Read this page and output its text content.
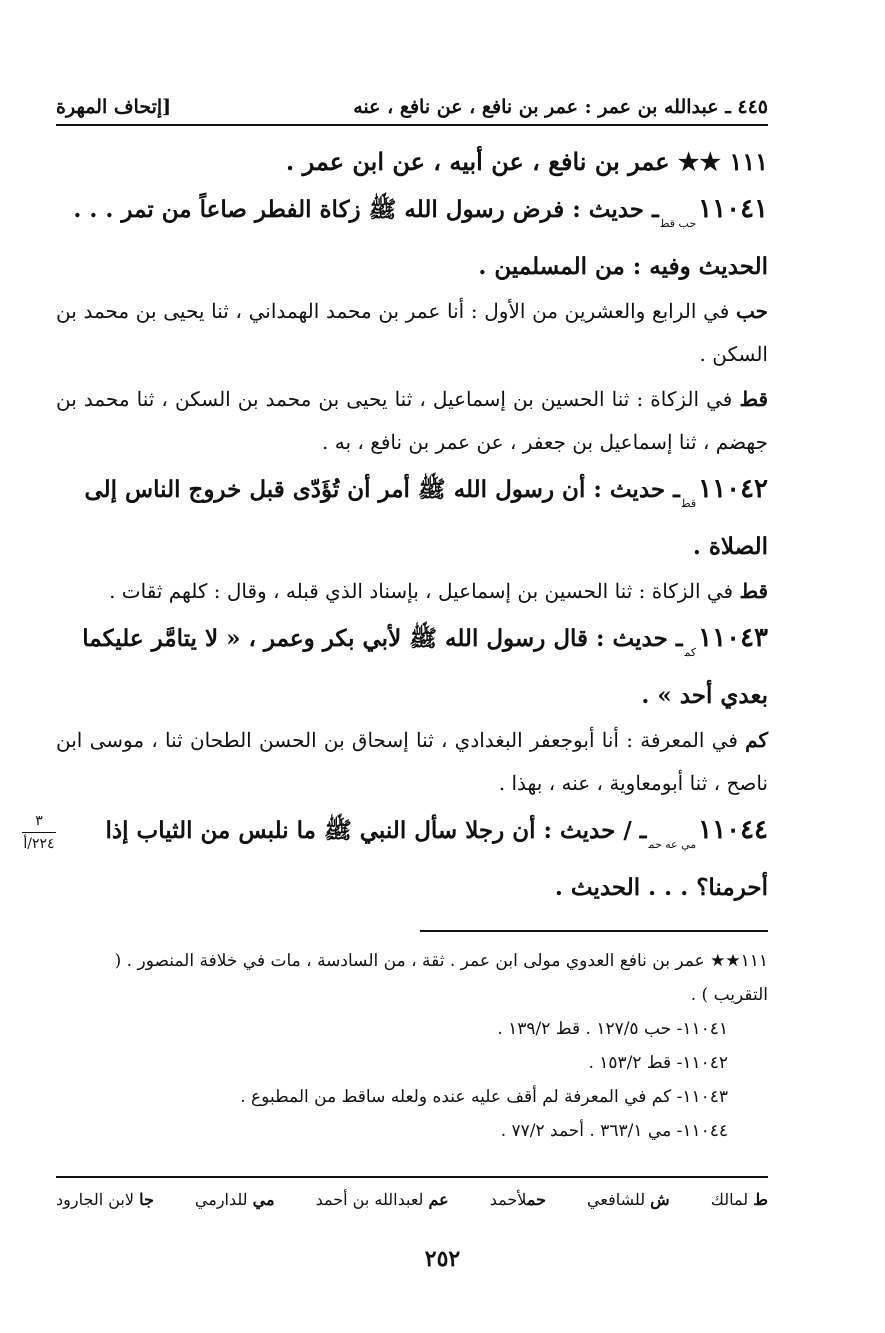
٤٤٥ ـ عبدالله بن عمر : عمر بن نافع ، عن نافع ، عنه
[إتحاف المهرة

١١١ ★★ عمر بن نافع ، عن أبيه ، عن ابن عمر .

$١١٠٤١_{حب قط}ـ$ حديث : فرض رسول الله ﷺ زكاة الفطر صاعاً من تمر . . . الحديث وفيه : من المسلمين .

حب في الرابع والعشرين من الأول : أنا عمر بن محمد الهمداني ، ثنا يحيى بن محمد بن السكن .

قط في الزكاة : ثنا الحسين بن إسماعيل ، ثنا يحيى بن محمد بن السكن ، ثنا محمد بن جهضم ، ثنا إسماعيل بن جعفر ، عن عمر بن نافع ، به .

$١١٠٤٢_{قط}ـ$ حديث : أن رسول الله ﷺ أمر أن تُؤَدّى قبل خروج الناس إلى الصلاة .

قط في الزكاة : ثنا الحسين بن إسماعيل ، بإسناد الذي قبله ، وقال : كلهم ثقات .

$١١٠٤٣_{كم}ـ$ حديث : قال رسول الله ﷺ لأبي بكر وعمر ، « لا يتامَّر عليكما بعدي أحد » .

كم في المعرفة : أنا أبوجعفر البغدادي ، ثنا إسحاق بن الحسن الطحان ثنا ، موسى ابن ناصح ، ثنا أبومعاوية ، عنه ، بهذا .

$١١٠٤٤_{مي عه حم}ـ$ / حديث : أن رجلا سأل النبي ﷺ ما نلبس من الثياب إذا أحرمنا؟ . . . الحديث .

٣
٢٢٤/أ

١١١★★ عمر بن نافع العدوي مولى ابن عمر . ثقة ، من السادسة ، مات في خلافة المنصور . ( التقريب ) .

١١٠٤١- حب ١٢٧/٥ . قط ١٣٩/٢ .

١١٠٤٢- قط ١٥٣/٢ .

١١٠٤٣- كم في المعرفة لم أقف عليه عنده ولعله ساقط من المطبوع .

١١٠٤٤- مي ٣٦٣/١ . أحمد ٧٧/٢ .

ط لمالك
ش للشافعي
حملأحمد
عم لعبدالله بن أحمد
مي للدارمي
جا لابن الجارود
٢٥٢
